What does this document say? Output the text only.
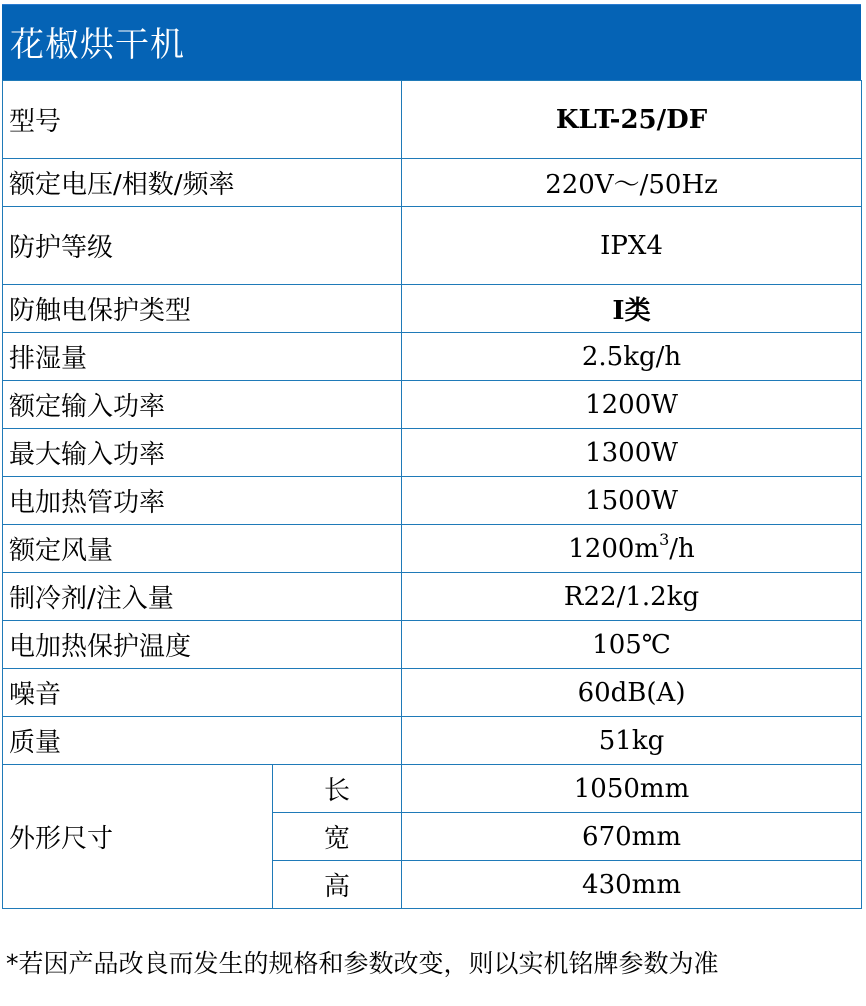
花椒烘干机
型号		KLT-25/DF
额定电压/相数/频率		220V～/50Hz
防护等级		IPX4
防触电保护类型		I类
排湿量		2.5kg/h
额定输入功率		1200W
最大输入功率		1300W
电加热管功率		1500W
额定风量		$1200m^3/h$
制冷剂/注入量		R22/1.2kg
电加热保护温度		105℃
噪音		60dB(A)
质量		51kg
外形尺寸	长	1050mm
	宽	670mm
	高	430mm
*若因产品改良而发生的规格和参数改变，则以实机铭牌参数为准
